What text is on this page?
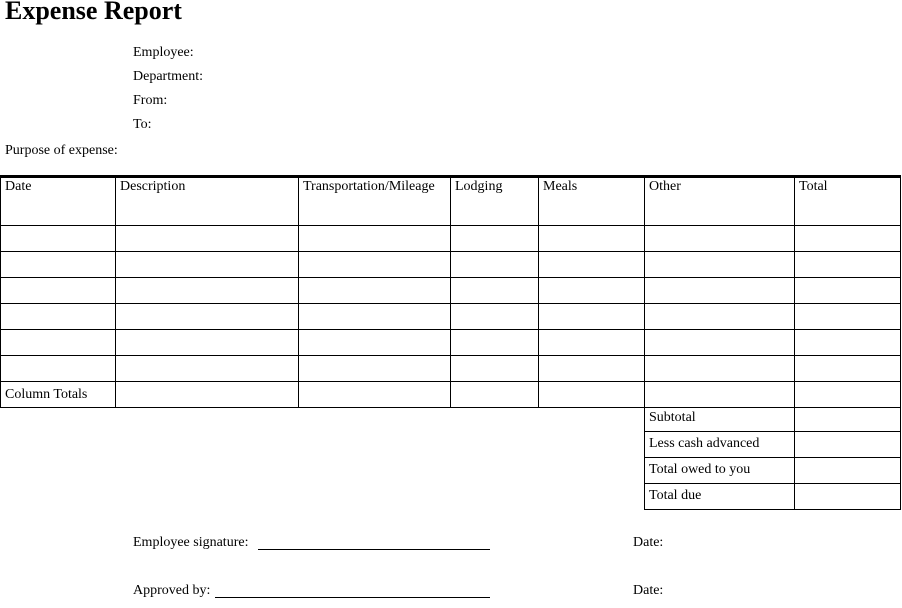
Expense Report
Employee:
Department:
From:
To:
Purpose of expense:
Date	Description	Transportation/Mileage	Lodging	Meals	Other	Total

Column Totals						
Subtotal	
Less cash advanced	
Total owed to you	
Total due	
Employee signature:	Date:
Approved by:	Date:
